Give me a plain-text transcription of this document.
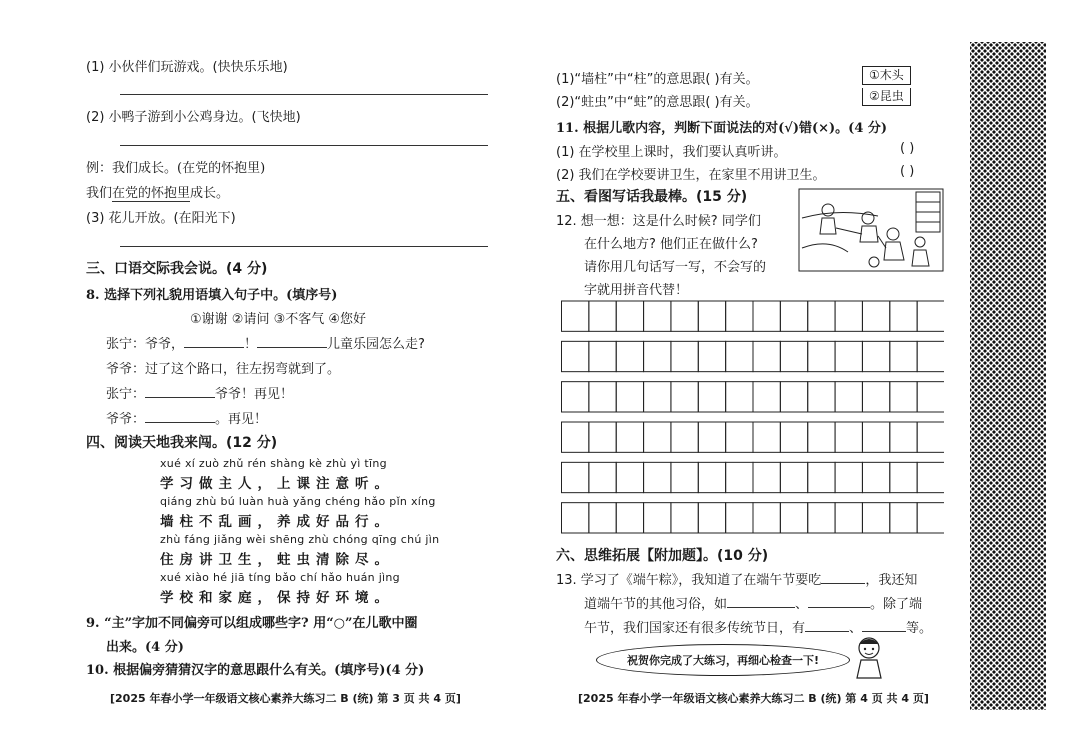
(1) 小伙伴们玩游戏。(快快乐乐地)
(2) 小鸭子游到小公鸡身边。(飞快地)
例：我们成长。(在党的怀抱里)
我们在党的怀抱里成长。
(3) 花儿开放。(在阳光下)
三、口语交际我会说。(4 分)
8. 选择下列礼貌用语填入句子中。(填序号)
①谢谢 ②请问 ③不客气 ④您好
张宁：爷爷，	！	儿童乐园怎么走?
爷爷：过了这个路口，往左拐弯就到了。
张宁：	爷爷！再见！
爷爷：	。再见！
四、阅读天地我来闯。(12 分)
xué xí zuò zhǔ rén shàng kè zhù yì tīng
学习做主人，上课注意听。
qiáng zhù bú luàn huà yǎng chéng hǎo pǐn xíng
墙柱不乱画，养成好品行。
zhù fáng jiǎng wèi shēng zhù chóng qīng chú jìn
住房讲卫生，蛀虫清除尽。
xué xiào hé jiā tíng bǎo chí hǎo huán jìng
学校和家庭，保持好环境。
9. “主”字加不同偏旁可以组成哪些字? 用“○”在儿歌中圈
出来。(4 分)
10. 根据偏旁猜猜汉字的意思跟什么有关。(填序号)(4 分)
[2025 年春小学一年级语文核心素养大练习二 B (统) 第 3 页 共 4 页]
(1)“墙柱”中“柱”的意思跟( )有关。
(2)“蛀虫”中“蛀”的意思跟( )有关。
①木头
②昆虫
11. 根据儿歌内容，判断下面说法的对(√)错(×)。(4 分)
(1) 在学校里上课时，我们要认真听讲。	( )
(2) 我们在学校要讲卫生，在家里不用讲卫生。	( )
五、看图写话我最棒。(15 分)
12. 想一想：这是什么时候? 同学们
在什么地方? 他们正在做什么?
请你用几句话写一写，不会写的
字就用拼音代替！
六、思维拓展【附加题】。(10 分)
13. 学习了《端午粽》，我知道了在端午节要吃	，我还知
道端午节的其他习俗，如	、	。除了端
午节，我们国家还有很多传统节日，有	、	等。
祝贺你完成了大练习，再细心检查一下!
[2025 年春小学一年级语文核心素养大练习二 B (统) 第 4 页 共 4 页]
